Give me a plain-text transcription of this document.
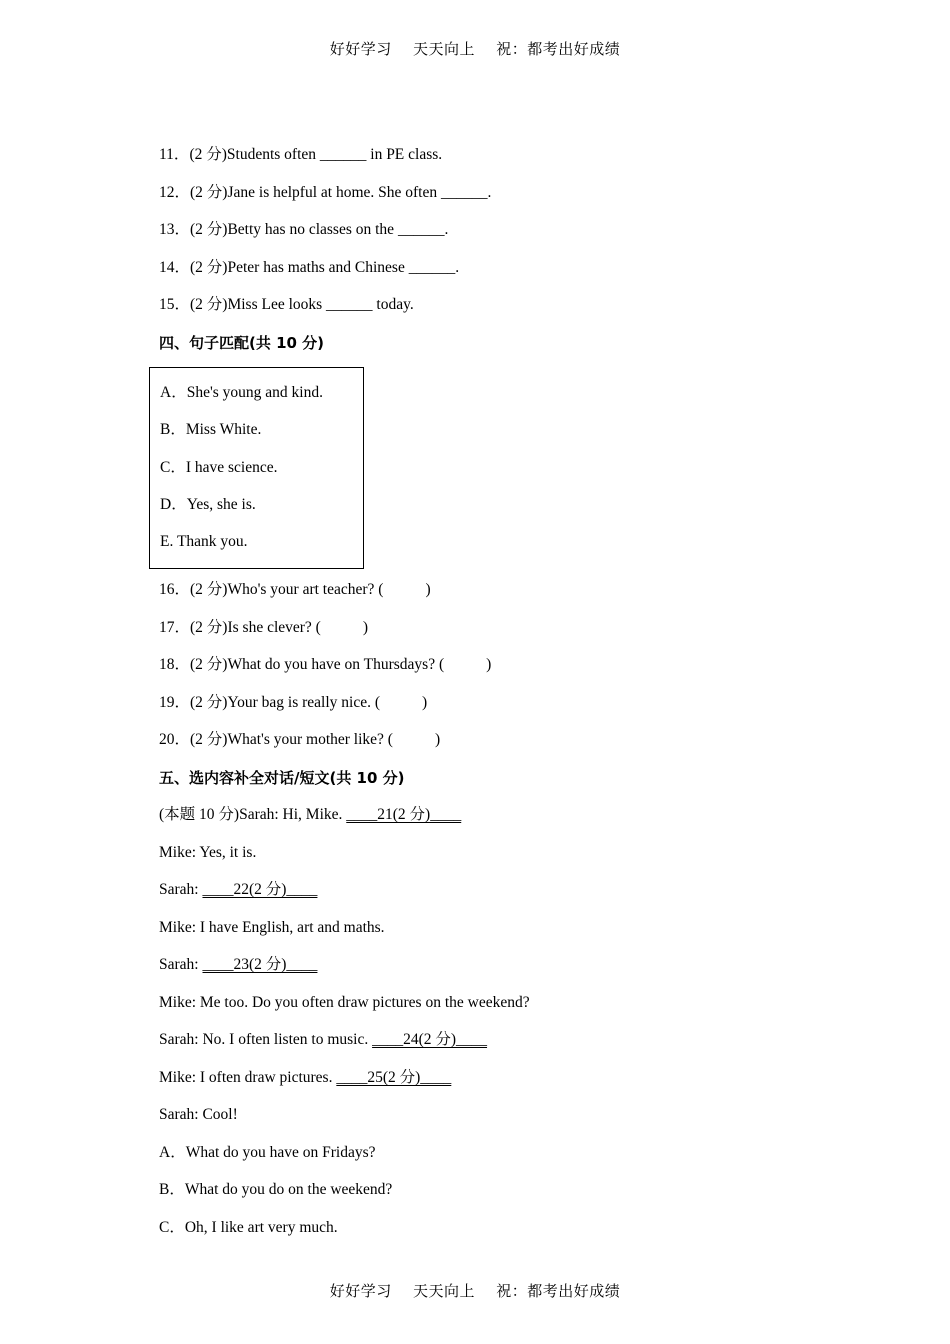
好好学习 天天向上 祝：都考出好成绩
11．(2 分)Students often ______ in PE class.
12．(2 分)Jane is helpful at home. She often ______.
13．(2 分)Betty has no classes on the ______.
14．(2 分)Peter has maths and Chinese ______.
15．(2 分)Miss Lee looks ______ today.
四、句子匹配(共 10 分)
A．She's young and kind.
B．Miss White.
C．I have science.
D．Yes, she is.
E. Thank you.
16．(2 分)Who's your art teacher? (	)
17．(2 分)Is she clever? (	)
18．(2 分)What do you have on Thursdays? (	)
19．(2 分)Your bag is really nice. (	)
20．(2 分)What's your mother like? (	)
五、选内容补全对话/短文(共 10 分)
(本题 10 分)Sarah: Hi, Mike. ____21(2 分)____
Mike: Yes, it is.
Sarah: ____22(2 分)____
Mike: I have English, art and maths.
Sarah: ____23(2 分)____
Mike: Me too. Do you often draw pictures on the weekend?
Sarah: No. I often listen to music. ____24(2 分)____
Mike: I often draw pictures. ____25(2 分)____
Sarah: Cool!
A．What do you have on Fridays?
B．What do you do on the weekend?
C．Oh, I like art very much.
好好学习 天天向上 祝：都考出好成绩
